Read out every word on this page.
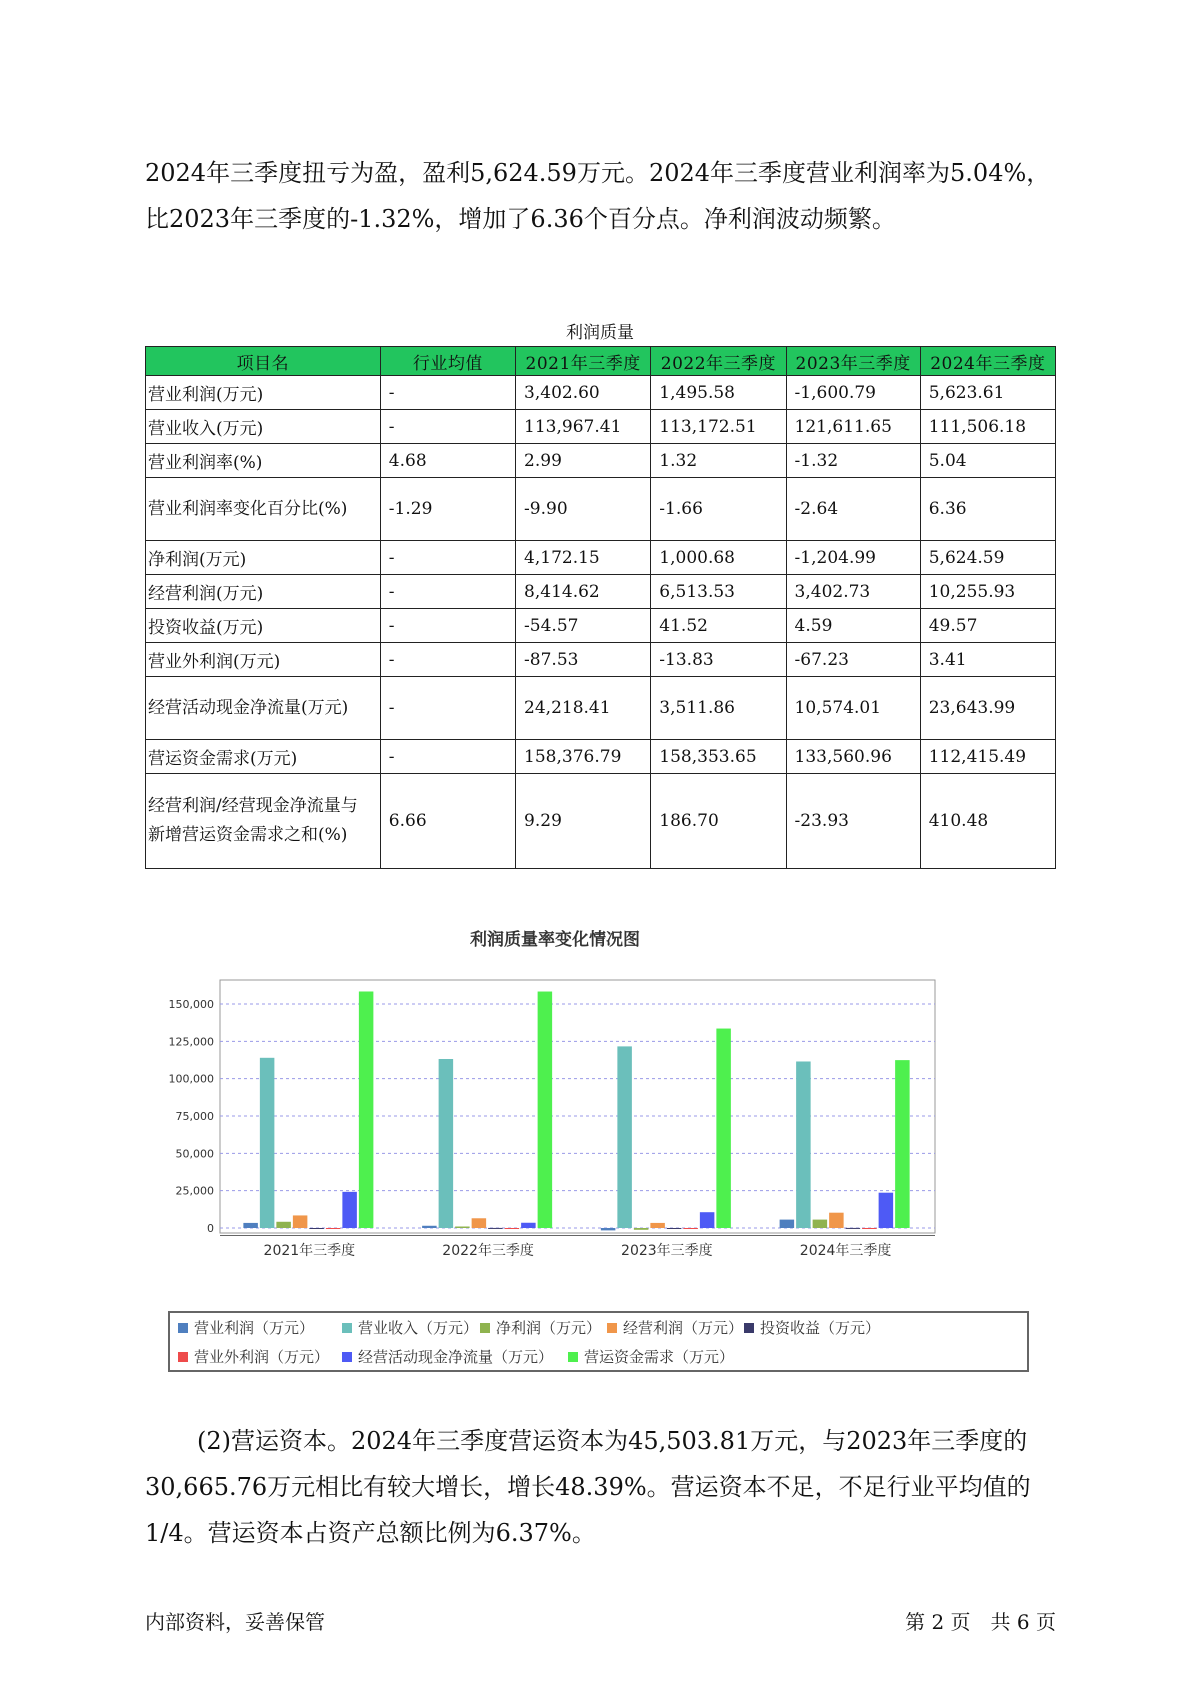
2024年三季度扭亏为盈，盈利5,624.59万元。2024年三季度营业利润率为5.04%，比2023年三季度的-1.32%，增加了6.36个百分点。净利润波动频繁。

利润质量
项目名	行业均值	2021年三季度	2022年三季度	2023年三季度	2024年三季度
营业利润(万元)	-	3,402.60	1,495.58	-1,600.79	5,623.61
营业收入(万元)	-	113,967.41	113,172.51	121,611.65	111,506.18
营业利润率(%)	4.68	2.99	1.32	-1.32	5.04
营业利润率变化百分比(%)	-1.29	-9.90	-1.66	-2.64	6.36
净利润(万元)	-	4,172.15	1,000.68	-1,204.99	5,624.59
经营利润(万元)	-	8,414.62	6,513.53	3,402.73	10,255.93
投资收益(万元)	-	-54.57	41.52	4.59	49.57
营业外利润(万元)	-	-87.53	-13.83	-67.23	3.41
经营活动现金净流量(万元)	-	24,218.41	3,511.86	10,574.01	23,643.99
营运资金需求(万元)	-	158,376.79	158,353.65	133,560.96	112,415.49
经营利润/经营现金净流量与新增营运资金需求之和(%)	6.66	9.29	186.70	-23.93	410.48
利润质量率变化情况图
0
25,000
50,000
75,000
100,000
125,000
150,000
2021年三季度	2022年三季度	2023年三季度	2024年三季度
营业利润（万元）	营业收入（万元）	净利润（万元）	经营利润（万元）	投资收益（万元）
营业外利润（万元）	经营活动现金净流量（万元）	营运资金需求（万元）

(2)营运资本。2024年三季度营运资本为45,503.81万元，与2023年三季度的30,665.76万元相比有较大增长，增长48.39%。营运资本不足，不足行业平均值的1/4。营运资本占资产总额比例为6.37%。

内部资料，妥善保管	第 2 页　共 6 页
